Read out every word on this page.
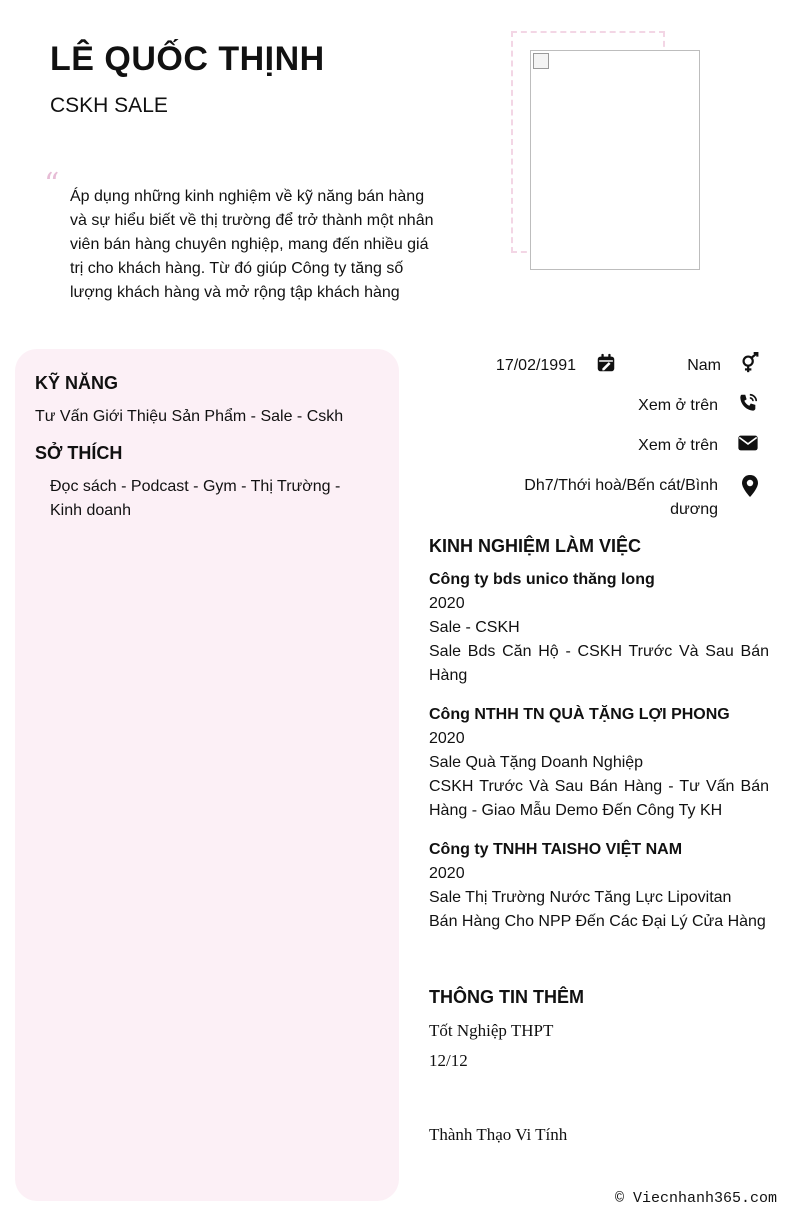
LÊ QUỐC THỊNH
CSKH SALE
“ Áp dụng những kinh nghiệm về kỹ năng bán hàng và sự hiểu biết về thị trường để trở thành một nhân viên bán hàng chuyên nghiệp, mang đến nhiều giá trị cho khách hàng. Từ đó giúp Công ty tăng số lượng khách hàng và mở rộng tập khách hàng
KỸ NĂNG
Tư Vấn Giới Thiệu Sản Phẩm - Sale - Cskh
SỞ THÍCH
Đọc sách - Podcast - Gym - Thị Trường - Kinh doanh
17/02/1991	Nam
Xem ở trên
Xem ở trên
Dh7/Thới hoà/Bến cát/Bình dương
KINH NGHIỆM LÀM VIỆC
Công ty bds unico thăng long
2020
Sale - CSKH
Sale Bds Căn Hộ - CSKH Trước Và Sau Bán Hàng
Công NTHH TN QUÀ TẶNG LỢI PHONG
2020
Sale Quà Tặng Doanh Nghiệp
CSKH Trước Và Sau Bán Hàng - Tư Vấn Bán Hàng - Giao Mẫu Demo Đến Công Ty KH
Công ty TNHH TAISHO VIỆT NAM
2020
Sale Thị Trường Nước Tăng Lực Lipovitan
Bán Hàng Cho NPP Đến Các Đại Lý Cửa Hàng
THÔNG TIN THÊM
Tốt Nghiệp THPT
12/12
Thành Thạo Vi Tính
© Viecnhanh365.com
